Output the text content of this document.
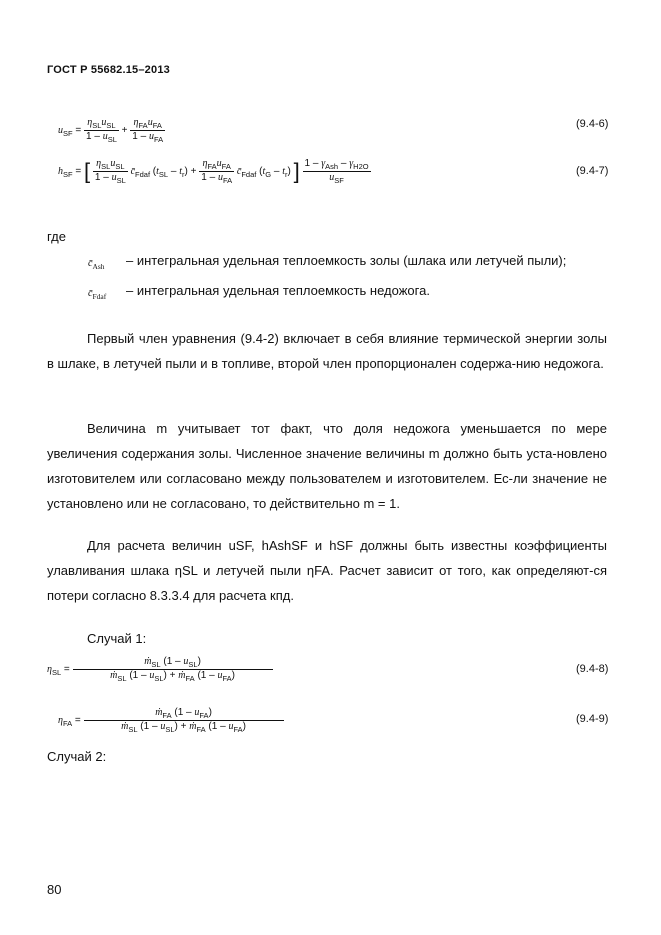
ГОСТ Р 55682.15–2013
$u_{SF} = \frac{\eta_{SL}u_{SL}}{1 - u_{SL}} + \frac{\eta_{FA}u_{FA}}{1 - u_{FA}}$	(9.4-6)
$h_{SF}$ = [ $\frac{\eta_{SL}u_{SL}}{1 - u_{SL}}$ $c̄_{Fdaf}$ $(t_{SL} - t_r) + \frac{\eta_{FA}u_{FA}}{1 - u_{FA}}$ $c̄_{Fdaf}$ $(t_G - t_r)$ ] $\frac{1 - \gamma_{Ash} - \gamma_{H2O}}{u_{SF}}$	(9.4-7)
где
$c̄_{Ash}$ – интегральная удельная теплоемкость золы (шлака или летучей пыли);
$c̄_{Fdaf}$ – интегральная удельная теплоемкость недожога.

Первый член уравнения (9.4-2) включает в себя влияние термической энергии золы в шлаке, в летучей пыли и в топливе, второй член пропорционален содержа-нию недожога.

Величина m учитывает тот факт, что доля недожога уменьшается по мере увеличения содержания золы. Численное значение величины m должно быть уста-новлено изготовителем или согласовано между пользователем и изготовителем. Ес-ли значение не установлено или не согласовано, то действительно m = 1.

Для расчета величин uSF, hAshSF и hSF должны быть известны коэффициенты улавливания шлака ηSL и летучей пыли ηFA. Расчет зависит от того, как определяют-ся потери согласно 8.3.3.4 для расчета кпд.

Случай 1:
$\eta_{SL} = \frac{ṁ_{SL} (1 - u_{SL})}{ṁ_{SL} (1 - u_{SL}) + ṁ_{FA} (1 - u_{FA})}$	(9.4-8)
$\eta_{FA} = \frac{ṁ_{FA} (1 - u_{FA})}{ṁ_{SL} (1 - u_{SL}) + ṁ_{FA} (1 - u_{FA})}$	(9.4-9)
Случай 2:
80
